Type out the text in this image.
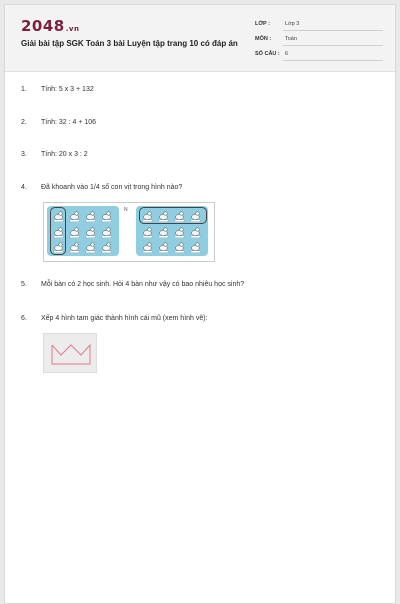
2048.vn
Giải bài tập SGK Toán 3 bài Luyện tập trang 10 có đáp án
LỚP :	Lớp 3
MÔN :	Toán
SỐ CÂU : 6
1.	Tính: 5 x 3 + 132
2.	Tính: 32 : 4 + 106
3.	Tính: 20 x 3 : 2
4.	Đã khoanh vào 1/4 số con vịt trong hình nào?
N
5.	Mỗi bàn có 2 học sinh. Hỏi 4 bàn như vậy có bao nhiêu học sinh?
6.	Xếp 4 hình tam giác thành hình cái mũ (xem hình vẽ):
